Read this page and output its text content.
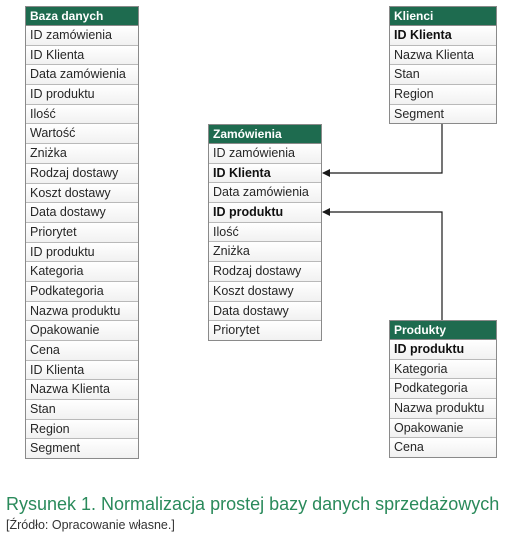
Baza danych
ID zamówienia
ID Klienta
Data zamówienia
ID produktu
Ilość
Wartość
Zniżka
Rodzaj dostawy
Koszt dostawy
Data dostawy
Priorytet
ID produktu
Kategoria
Podkategoria
Nazwa produktu
Opakowanie
Cena
ID Klienta
Nazwa Klienta
Stan
Region
Segment
Klienci
ID Klienta
Nazwa Klienta
Stan
Region
Segment
Zamówienia
ID zamówienia
ID Klienta
Data zamówienia
ID produktu
Ilość
Zniżka
Rodzaj dostawy
Koszt dostawy
Data dostawy
Priorytet	Produkty
ID produktu
Kategoria
Podkategoria
Nazwa produktu
Opakowanie
Cena
Rysunek 1. Normalizacja prostej bazy danych sprzedażowych [Źródło: Opracowanie własne.]
